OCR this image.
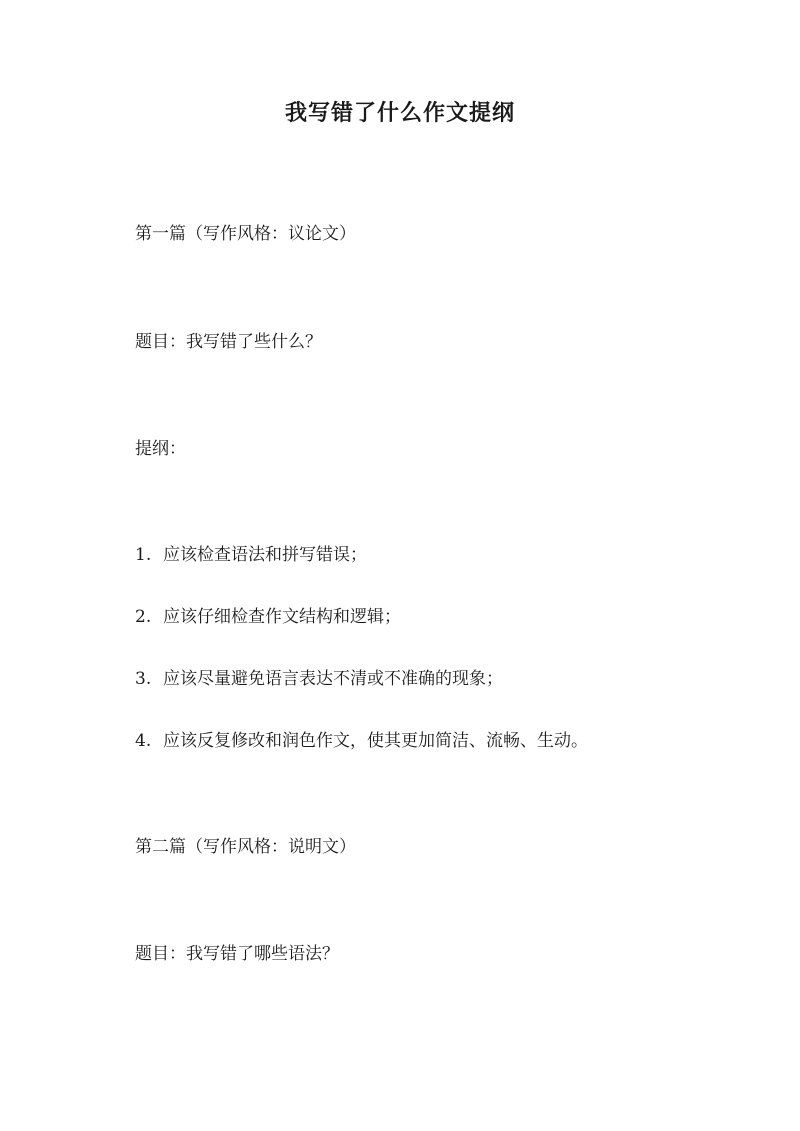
我写错了什么作文提纲
第一篇（写作风格：议论文）
题目：我写错了些什么？
提纲：
1. 应该检查语法和拼写错误；
2. 应该仔细检查作文结构和逻辑；
3. 应该尽量避免语言表达不清或不准确的现象；
4. 应该反复修改和润色作文，使其更加简洁、流畅、生动。
第二篇（写作风格：说明文）
题目：我写错了哪些语法？
